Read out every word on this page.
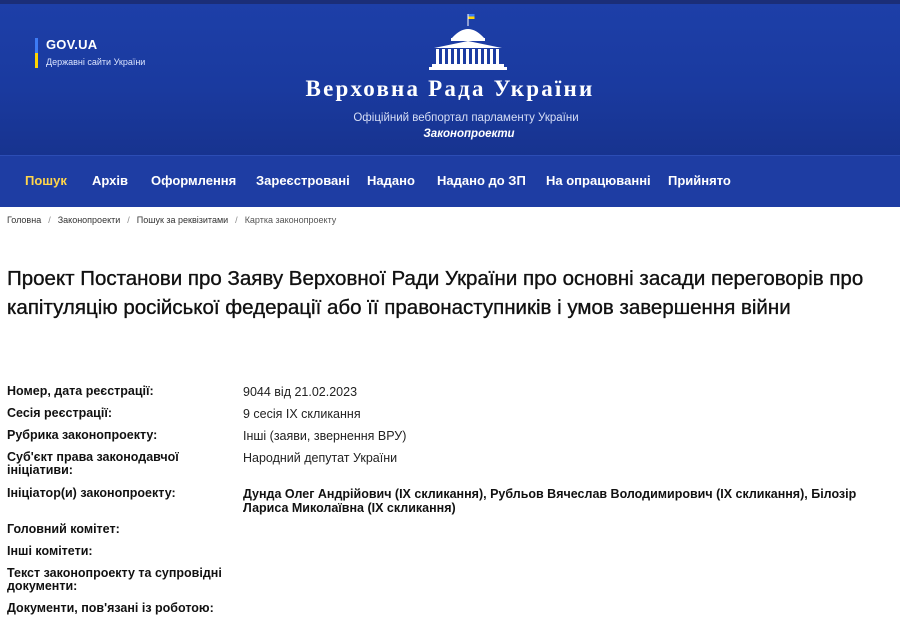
GOV.UA
Державні сайти України
Верховна Рада України
Офіційний вебпортал парламенту України
Законопроекти
Пошук Архів Оформлення Зареєстровані Надано Надано до ЗП На опрацюванні Прийнято
Головна / Законопроекти / Пошук за реквізитами / Картка законопроекту
Проект Постанови про Заяву Верховної Ради України про основні засади переговорів про капітуляцію російської федерації або її правонаступників і умов завершення війни
Номер, дата реєстрації:	9044 від 21.02.2023
Сесія реєстрації:	9 сесія IX скликання
Рубрика законопроекту:	Інші (заяви, звернення ВРУ)
Суб'єкт права законодавчої ініціативи:
Народний депутат України
Ініціатор(и) законопроекту:	Дунда Олег Андрійович (IX скликання), Рубльов Вячеслав Володимирович (IX скликання), Білозір Лариса Миколаївна (IX скликання)
Головний комітет:
Інші комітети:
Текст законопроекту та супровідні документи:
Документи, пов'язані із роботою:
